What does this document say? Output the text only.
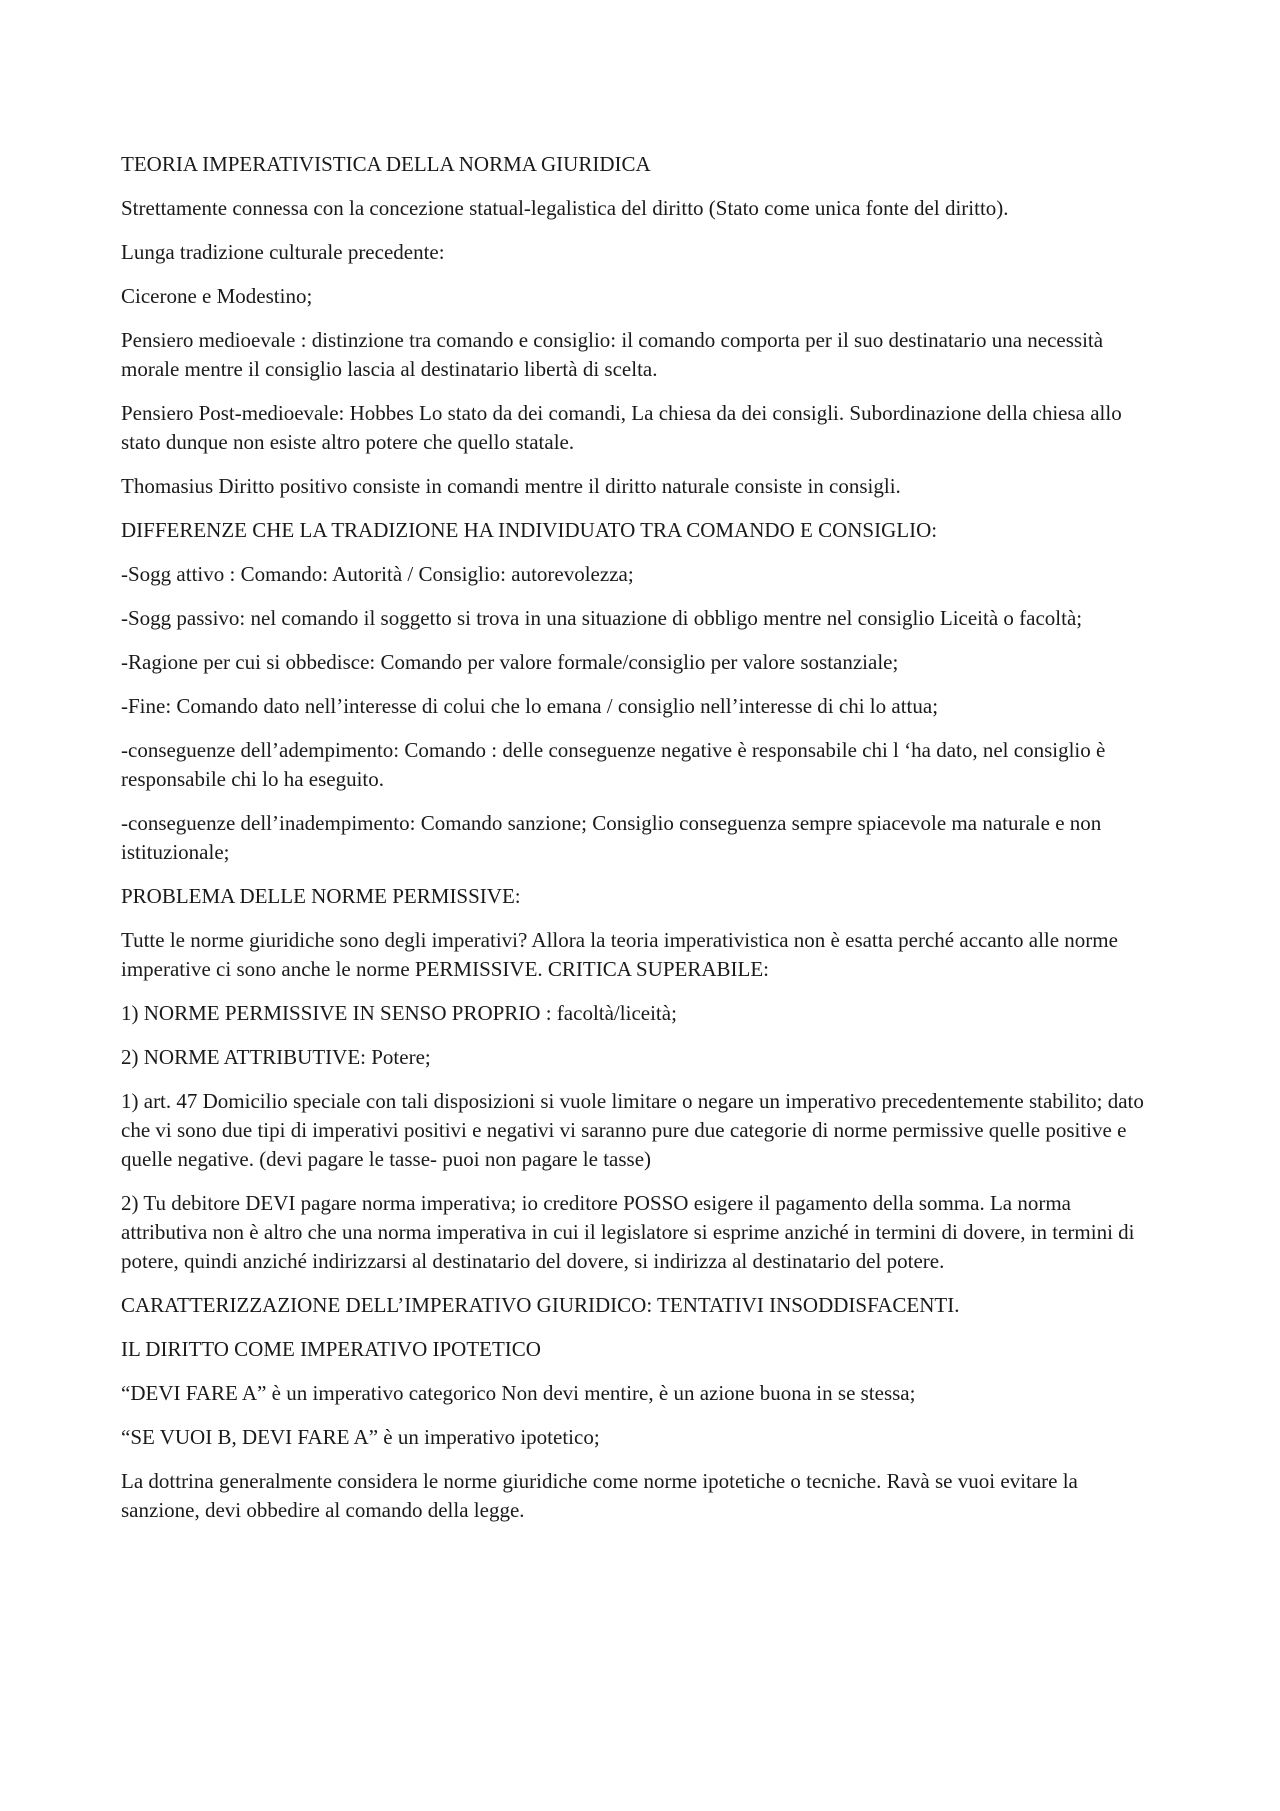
TEORIA IMPERATIVISTICA DELLA NORMA GIURIDICA

Strettamente connessa con la concezione statual-legalistica del diritto (Stato come unica fonte del diritto).

Lunga tradizione culturale precedente:

Cicerone e Modestino;

Pensiero medioevale : distinzione tra comando e consiglio: il comando comporta per il suo destinatario una necessità morale mentre il consiglio lascia al destinatario libertà di scelta.

Pensiero Post-medioevale: Hobbes Lo stato da dei comandi, La chiesa da dei consigli. Subordinazione della chiesa allo stato dunque non esiste altro potere che quello statale.

Thomasius Diritto positivo consiste in comandi mentre il diritto naturale consiste in consigli.

DIFFERENZE CHE LA TRADIZIONE HA INDIVIDUATO TRA COMANDO E CONSIGLIO:

-Sogg attivo : Comando: Autorità / Consiglio: autorevolezza;

-Sogg passivo: nel comando il soggetto si trova in una situazione di obbligo mentre nel consiglio Liceità o facoltà;

-Ragione per cui si obbedisce: Comando per valore formale/consiglio per valore sostanziale;

-Fine: Comando dato nell’interesse di colui che lo emana / consiglio nell’interesse di chi lo attua;

-conseguenze dell’adempimento: Comando : delle conseguenze negative è responsabile chi l ‘ha dato, nel consiglio è responsabile chi lo ha eseguito.

-conseguenze dell’inadempimento: Comando sanzione; Consiglio conseguenza sempre spiacevole ma naturale e non istituzionale;

PROBLEMA DELLE NORME PERMISSIVE:

Tutte le norme giuridiche sono degli imperativi? Allora la teoria imperativistica non è esatta perché accanto alle norme imperative ci sono anche le norme PERMISSIVE. CRITICA SUPERABILE:

1) NORME PERMISSIVE IN SENSO PROPRIO : facoltà/liceità;

2) NORME ATTRIBUTIVE: Potere;

1) art. 47 Domicilio speciale con tali disposizioni si vuole limitare o negare un imperativo precedentemente stabilito; dato che vi sono due tipi di imperativi positivi e negativi vi saranno pure due categorie di norme permissive quelle positive e quelle negative. (devi pagare le tasse- puoi non pagare le tasse)

2) Tu debitore DEVI pagare norma imperativa; io creditore POSSO esigere il pagamento della somma. La norma attributiva non è altro che una norma imperativa in cui il legislatore si esprime anziché in termini di dovere, in termini di potere, quindi anziché indirizzarsi al destinatario del dovere, si indirizza al destinatario del potere.

CARATTERIZZAZIONE DELL’IMPERATIVO GIURIDICO: TENTATIVI INSODDISFACENTI.

IL DIRITTO COME IMPERATIVO IPOTETICO

“DEVI FARE A” è un imperativo categorico Non devi mentire, è un azione buona in se stessa;

“SE VUOI B, DEVI FARE A” è un imperativo ipotetico;

La dottrina generalmente considera le norme giuridiche come norme ipotetiche o tecniche. Ravà se vuoi evitare la sanzione, devi obbedire al comando della legge.
